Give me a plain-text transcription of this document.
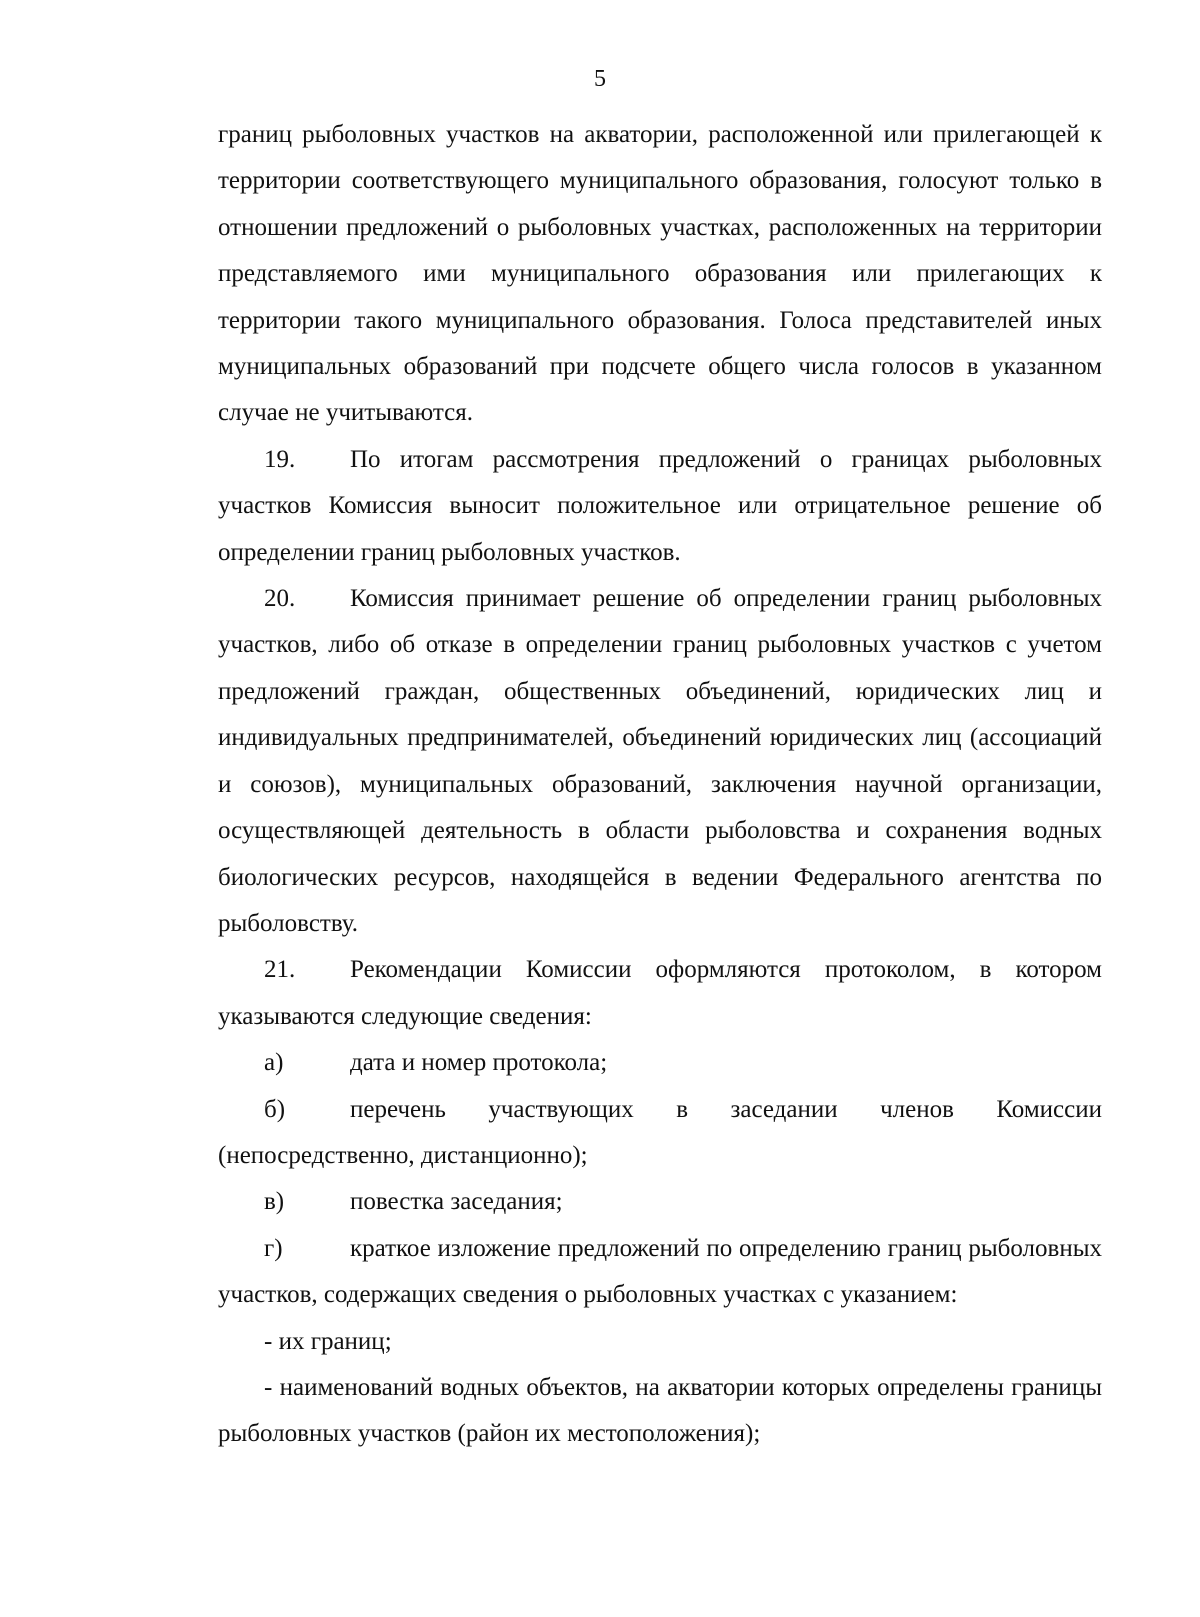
5

границ рыболовных участков на акватории, расположенной или прилегающей к территории соответствующего муниципального образования, голосуют только в отношении предложений о рыболовных участках, расположенных на территории представляемого ими муниципального образования или прилегающих к территории такого муниципального образования. Голоса представителей иных муниципальных образований при подсчете общего числа голосов в указанном случае не учитываются.

19. По итогам рассмотрения предложений о границах рыболовных участков Комиссия выносит положительное или отрицательное решение об определении границ рыболовных участков.

20. Комиссия принимает решение об определении границ рыболовных участков, либо об отказе в определении границ рыболовных участков с учетом предложений граждан, общественных объединений, юридических лиц и индивидуальных предпринимателей, объединений юридических лиц (ассоциаций и союзов), муниципальных образований, заключения научной организации, осуществляющей деятельность в области рыболовства и сохранения водных биологических ресурсов, находящейся в ведении Федерального агентства по рыболовству.

21. Рекомендации Комиссии оформляются протоколом, в котором указываются следующие сведения:

а)	дата и номер протокола;

б)	перечень участвующих в заседании членов Комиссии (непосредственно, дистанционно);

в)	повестка заседания;

г)	краткое изложение предложений по определению границ рыболовных участков, содержащих сведения о рыболовных участках с указанием:

- их границ;

- наименований водных объектов, на акватории которых определены границы рыболовных участков (район их местоположения);
